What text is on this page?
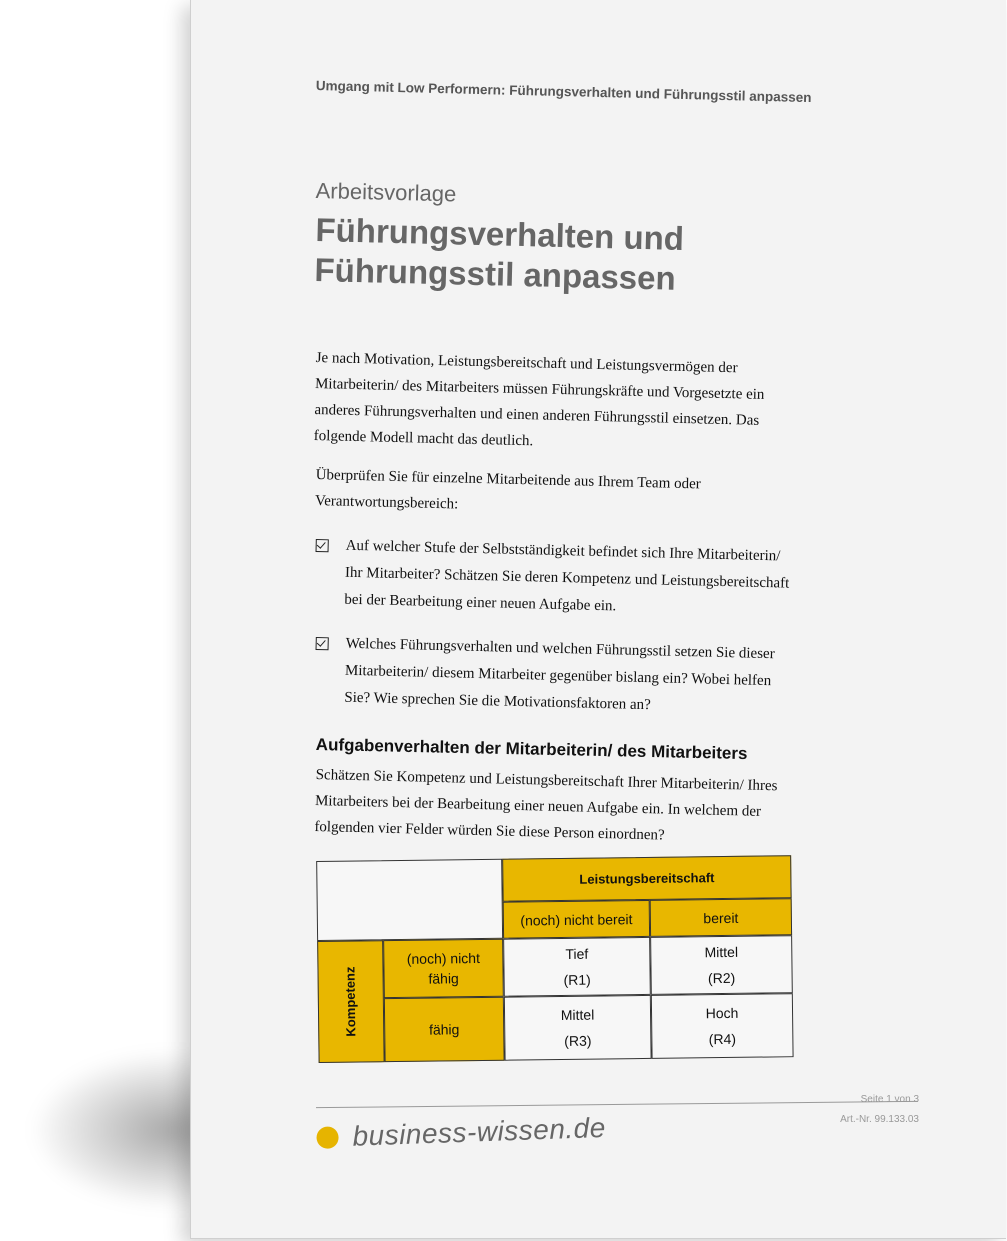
Umgang mit Low Performern: Führungsverhalten und Führungsstil anpassen
Arbeitsvorlage
Führungsverhalten und
Führungsstil anpassen
Je nach Motivation, Leistungsbereitschaft und Leistungsvermögen der
Mitarbeiterin/ des Mitarbeiters müssen Führungskräfte und Vorgesetzte ein
anderes Führungsverhalten und einen anderen Führungsstil einsetzen. Das
folgende Modell macht das deutlich.
Überprüfen Sie für einzelne Mitarbeitende aus Ihrem Team oder
Verantwortungsbereich:
Auf welcher Stufe der Selbstständigkeit befindet sich Ihre Mitarbeiterin/ Ihr Mitarbeiter? Schätzen Sie deren Kompetenz und Leistungsbereitschaft bei der Bearbeitung einer neuen Aufgabe ein.
Welches Führungsverhalten und welchen Führungsstil setzen Sie dieser Mitarbeiterin/ diesem Mitarbeiter gegenüber bislang ein? Wobei helfen Sie? Wie sprechen Sie die Motivationsfaktoren an?
Aufgabenverhalten der Mitarbeiterin/ des Mitarbeiters
Schätzen Sie Kompetenz und Leistungsbereitschaft Ihrer Mitarbeiterin/ Ihres
Mitarbeiters bei der Bearbeitung einer neuen Aufgabe ein. In welchem der
folgenden vier Felder würden Sie diese Person einordnen?
Leistungsbereitschaft
(noch) nicht bereit	bereit
Kompetenz
(noch) nicht fähig
fähig
Tief
(R1)
Mittel
(R2)
Mittel
(R3)
Hoch
(R4)
Seite 1 von 3
Art.-Nr. 99.133.03
business-wissen.de
